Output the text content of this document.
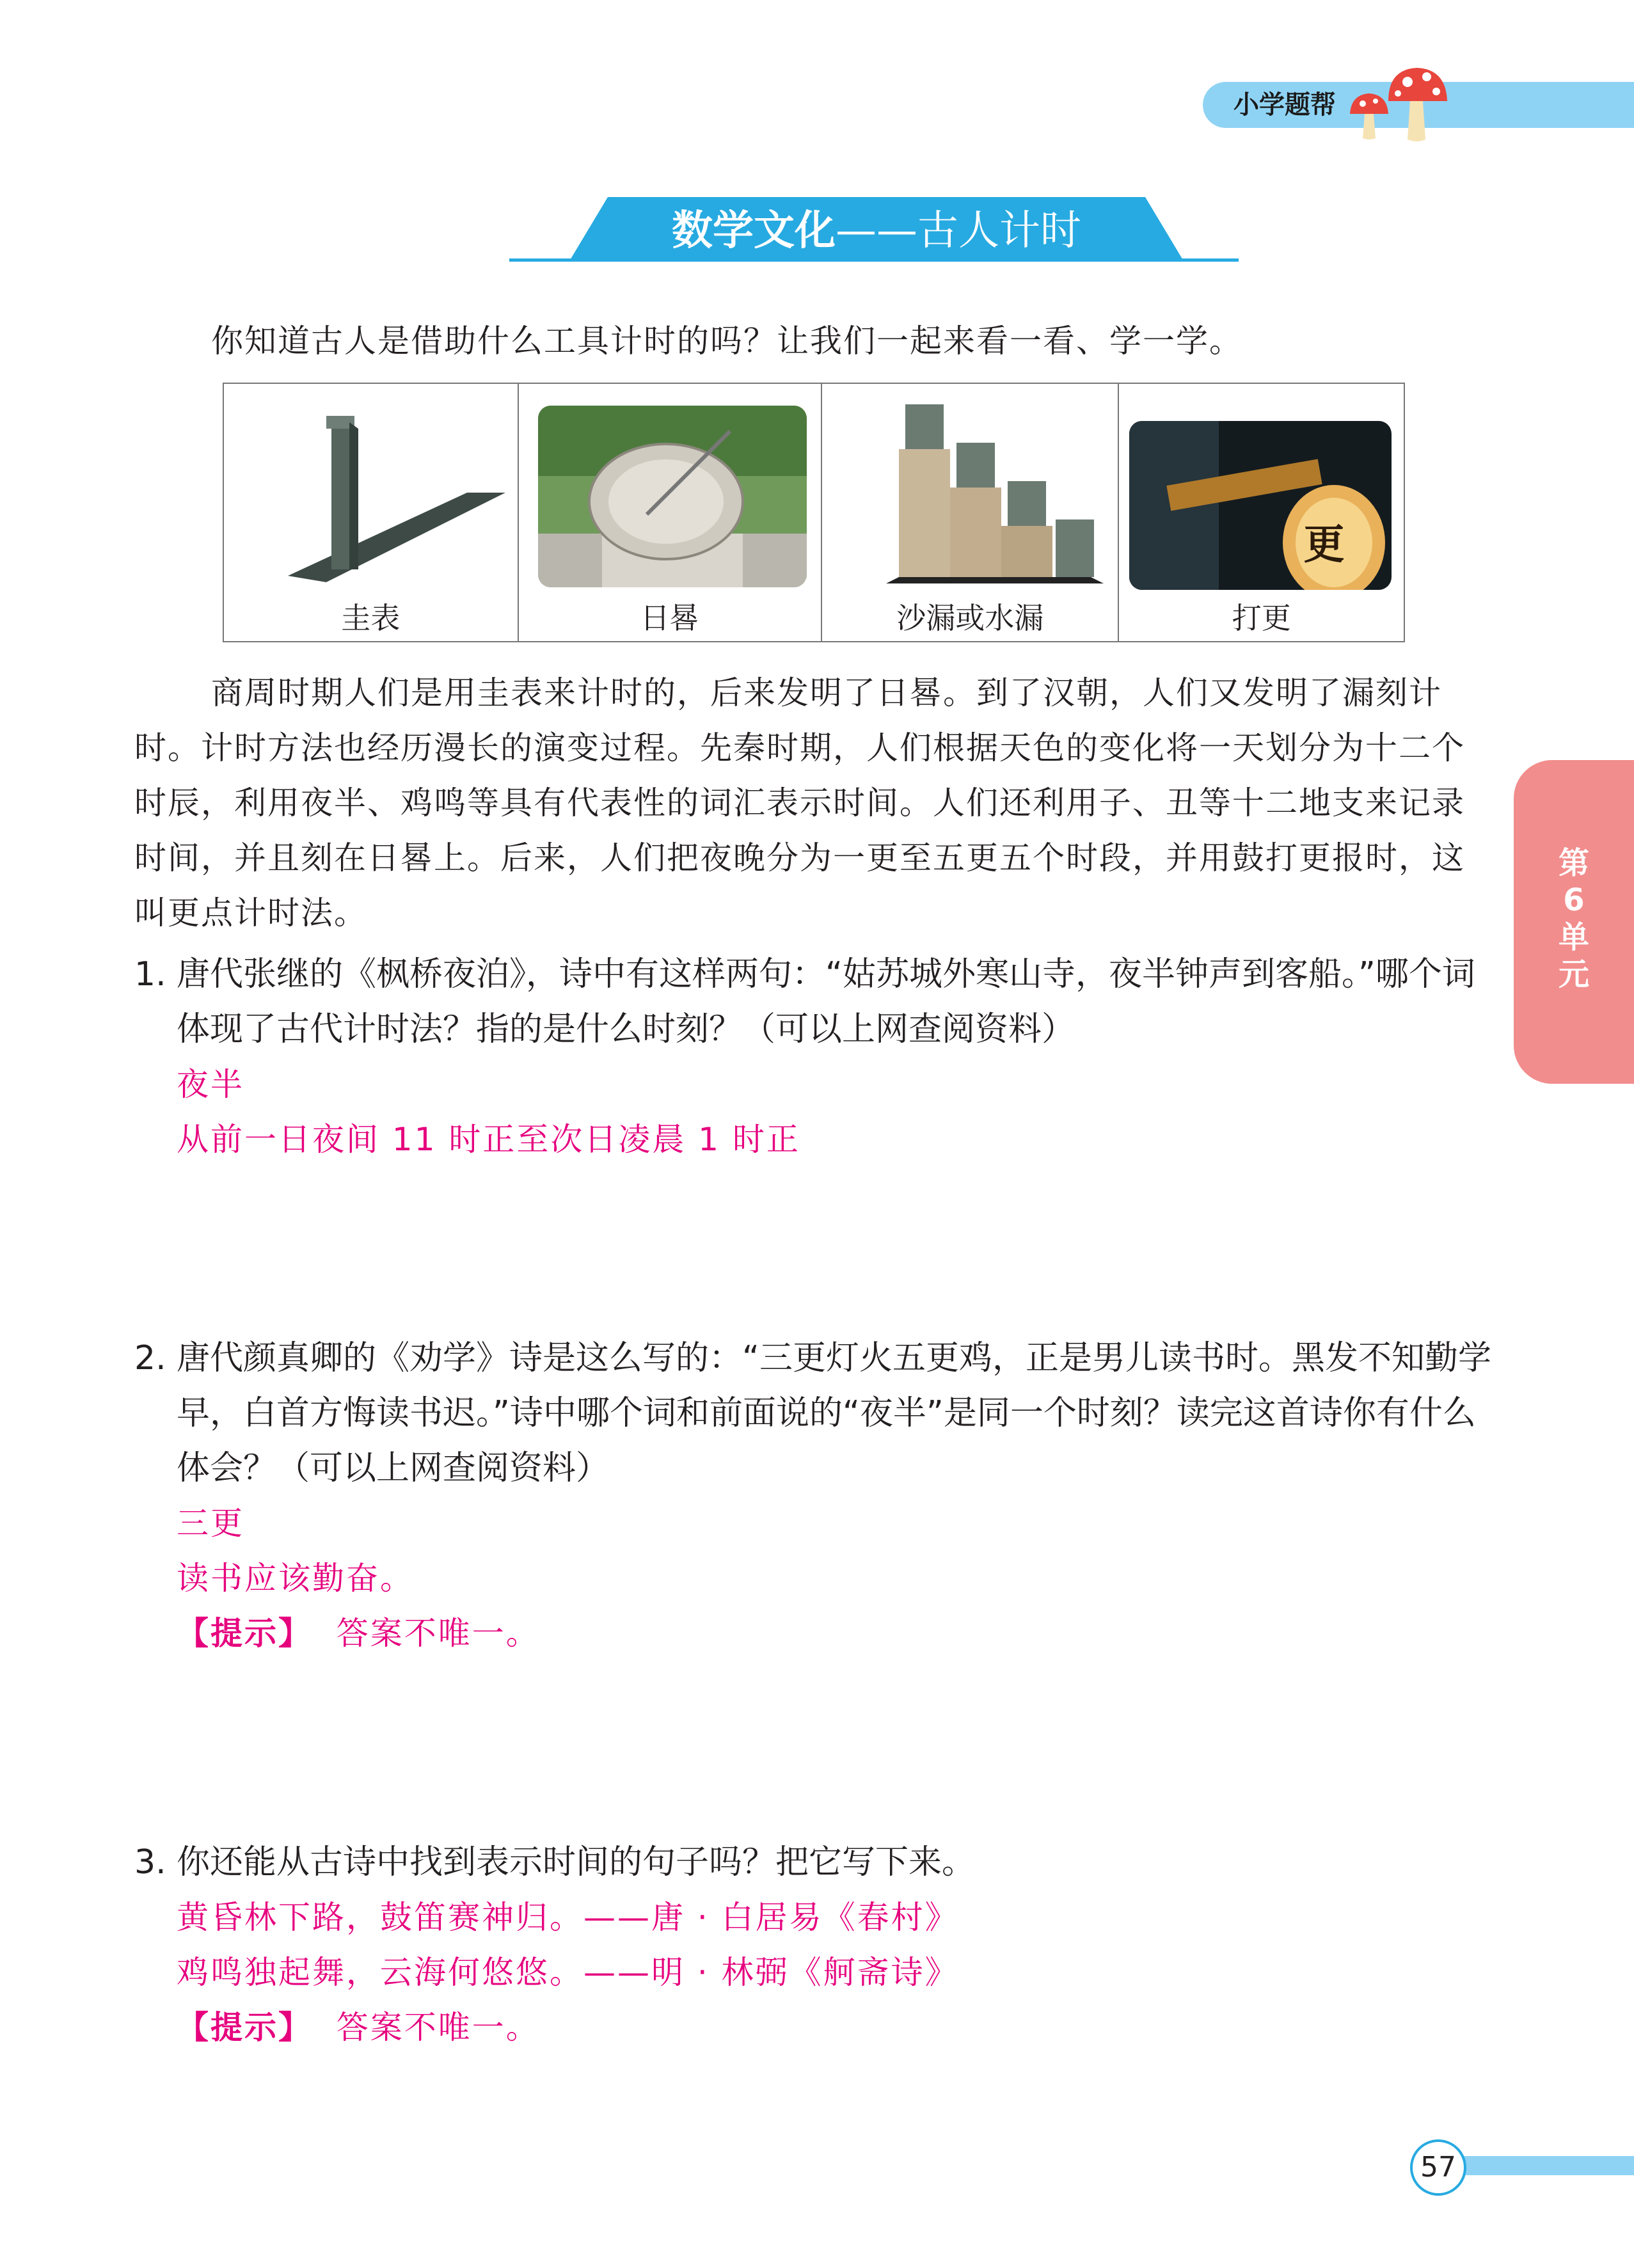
小学题帮
数学文化——古人计时
你知道古人是借助什么工具计时的吗？让我们一起来看一看、学一学。
圭表	日晷	沙漏或水漏
更
打更
商周时期人们是用圭表来计时的，后来发明了日晷。到了汉朝，人们又发明了漏刻计时。计时方法也经历漫长的演变过程。先秦时期，人们根据天色的变化将一天划分为十二个时辰，利用夜半、鸡鸣等具有代表性的词汇表示时间。人们还利用子、丑等十二地支来记录时间，并且刻在日晷上。后来，人们把夜晚分为一更至五更五个时段，并用鼓打更报时，这叫更点计时法。
第
6
单
元
1. 唐代张继的《枫桥夜泊》，诗中有这样两句：“姑苏城外寒山寺，夜半钟声到客船。”哪个词体现了古代计时法？指的是什么时刻？（可以上网查阅资料）
夜半
从前一日夜间 11 时正至次日凌晨 1 时正
2. 唐代颜真卿的《劝学》诗是这么写的：“三更灯火五更鸡，正是男儿读书时。黑发不知勤学早，白首方悔读书迟。”诗中哪个词和前面说的“夜半”是同一个时刻？读完这首诗你有什么体会？（可以上网查阅资料）
三更
读书应该勤奋。
【提示】 答案不唯一。
3. 你还能从古诗中找到表示时间的句子吗？把它写下来。
黄昏林下路，鼓笛赛神归。——唐 · 白居易《春村》
鸡鸣独起舞，云海何悠悠。——明 · 林弼《舸斋诗》
【提示】 答案不唯一。
57
